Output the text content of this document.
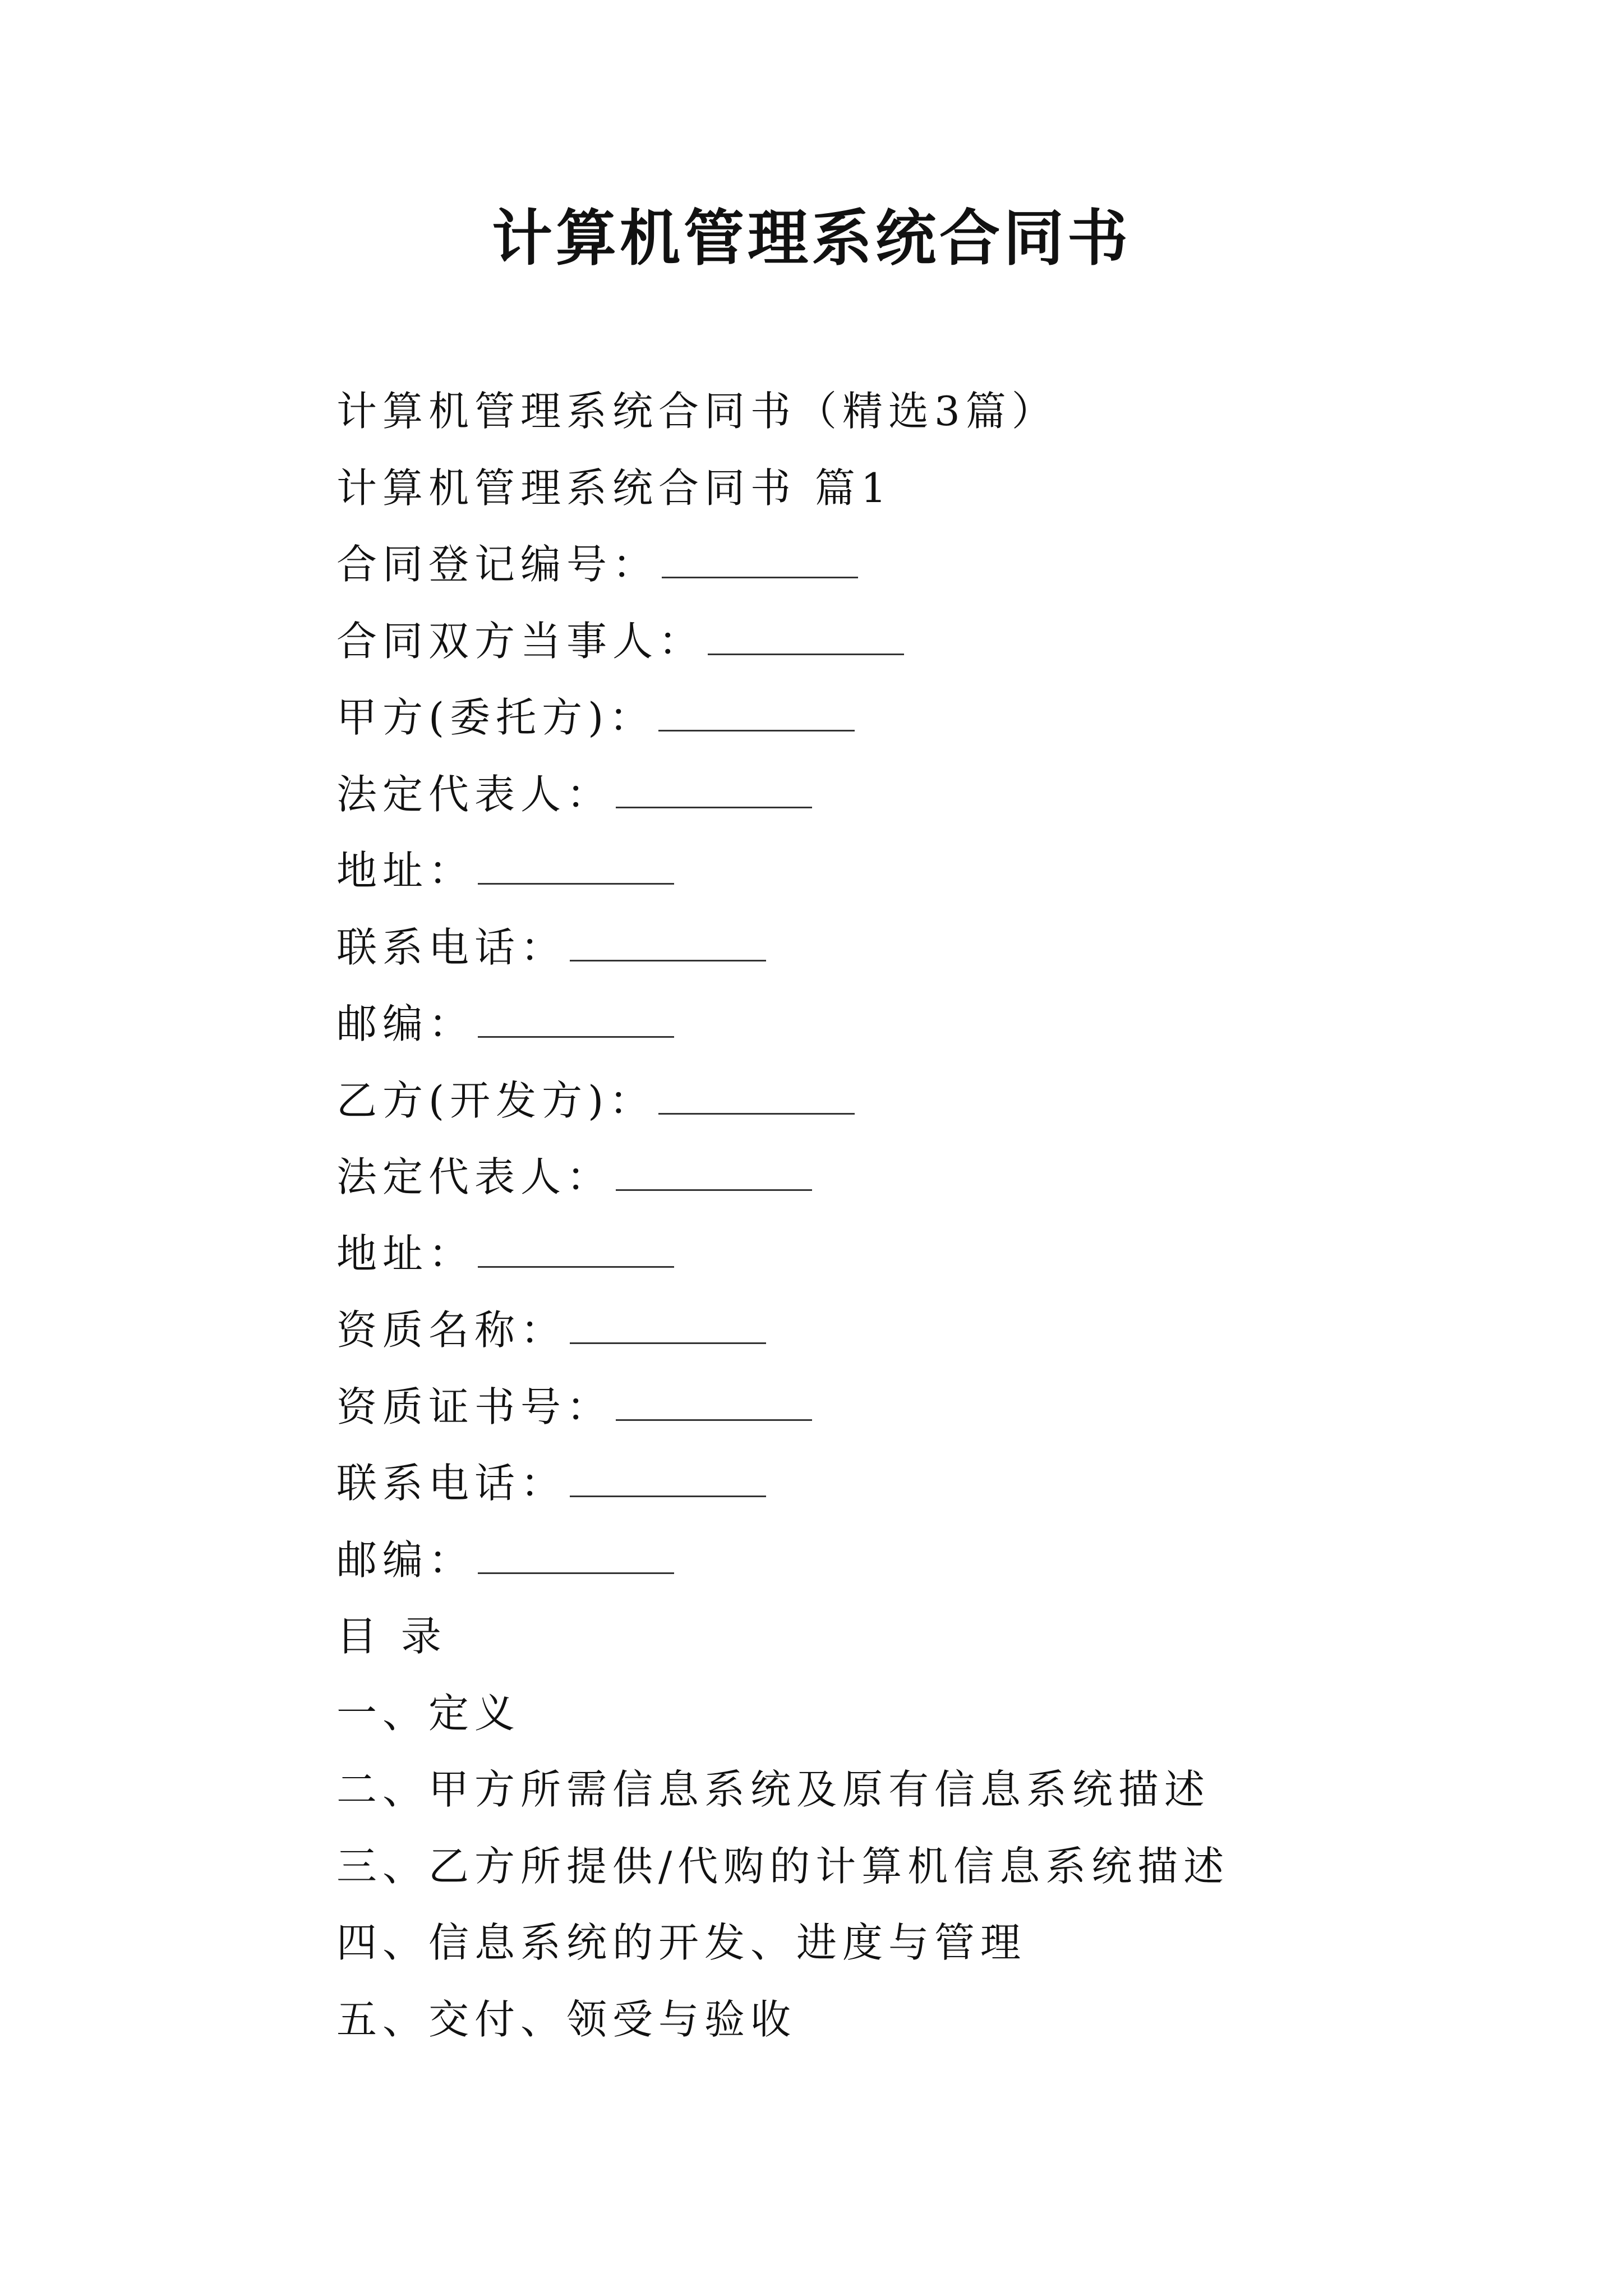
计算机管理系统合同书
计算机管理系统合同书（精选3篇）
计算机管理系统合同书 篇1
合同登记编号：
合同双方当事人：
甲方(委托方)：
法定代表人：
地址：
联系电话：
邮编：
乙方(开发方)：
法定代表人：
地址：
资质名称：
资质证书号：
联系电话：
邮编：
目 录
一、定义
二、甲方所需信息系统及原有信息系统描述
三、乙方所提供/代购的计算机信息系统描述
四、信息系统的开发、进度与管理
五、交付、领受与验收
